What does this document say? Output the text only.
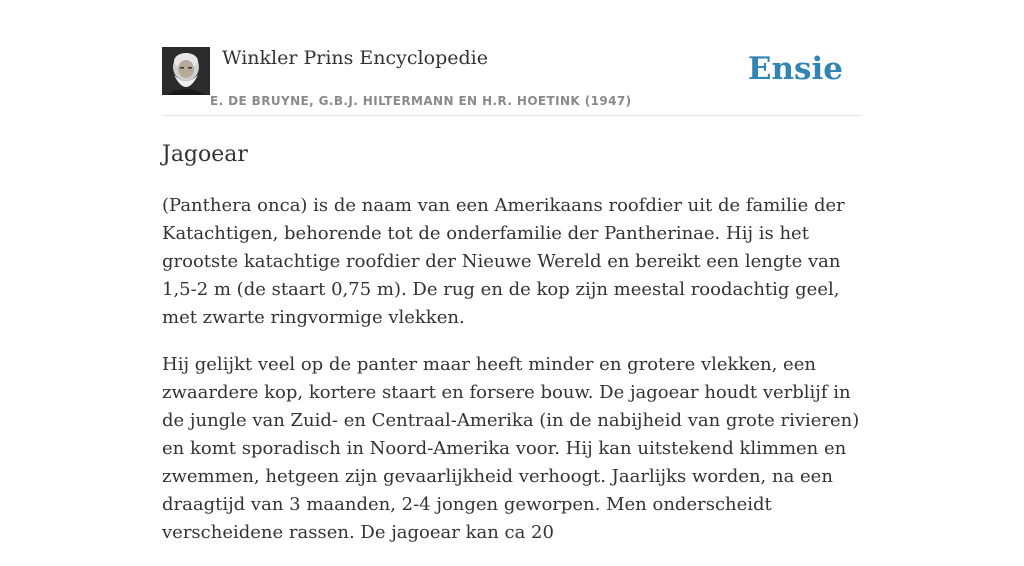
Winkler Prins Encyclopedie
E. DE BRUYNE, G.B.J. HILTERMANN EN H.R. HOETINK (1947)
Ensie
Jagoear

(Panthera onca) is de naam van een Amerikaans roofdier uit de familie der Katachtigen, behorende tot de onderfamilie der Pantherinae. Hij is het grootste katachtige roofdier der Nieuwe Wereld en bereikt een lengte van 1,5-2 m (de staart 0,75 m). De rug en de kop zijn meestal roodachtig geel, met zwarte ringvormige vlekken.

Hij gelijkt veel op de panter maar heeft minder en grotere vlekken, een zwaardere kop, kortere staart en forsere bouw. De jagoear houdt verblijf in de jungle van Zuid- en Centraal-Amerika (in de nabijheid van grote rivieren) en komt sporadisch in Noord-Amerika voor. Hij kan uitstekend klimmen en zwemmen, hetgeen zijn gevaarlijkheid verhoogt. Jaarlijks worden, na een draagtijd van 3 maanden, 2-4 jongen geworpen. Men onderscheidt verscheidene rassen. De jagoear kan ca 20
